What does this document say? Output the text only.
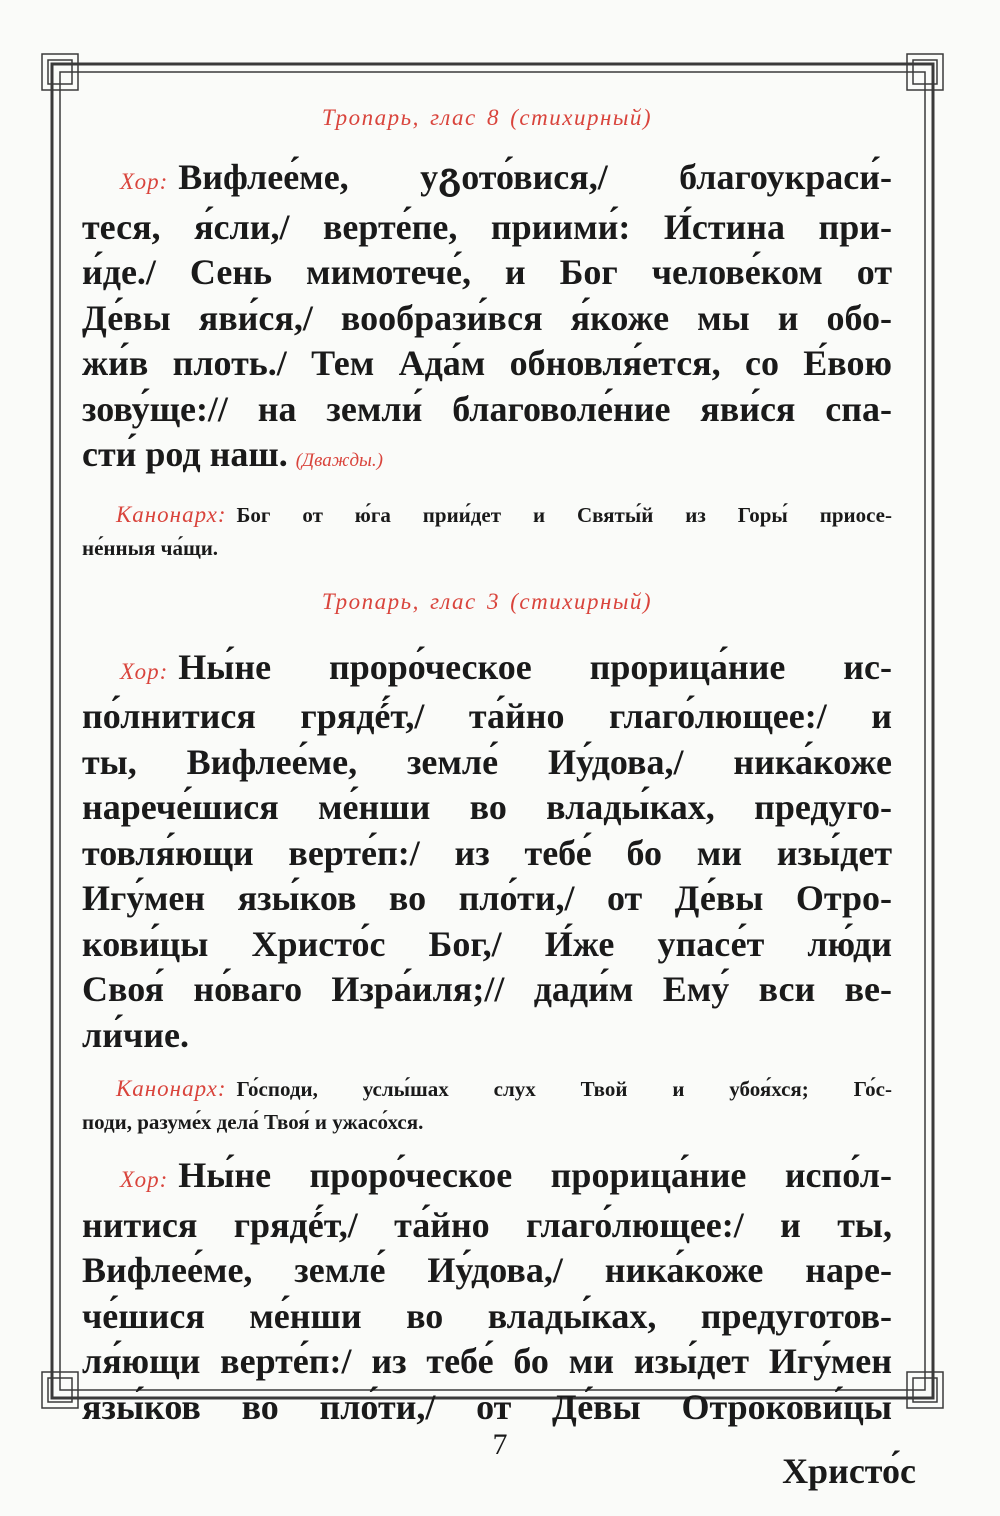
Тропарь, глас 8 (стихирный)
Хор: Вифлее́ме, уგото́вися,/ благоукраси́-
теся, я́сли,/ верте́пе, приими́: И́стина при-
и́де./ Сень мимотече́, и Бог челове́ком от
Де́вы яви́ся,/ вообрази́вся я́коже мы и обо-
жи́в плоть./ Тем Ада́м обновля́ется, со Е́вою
зову́ще:// на земли́ благоволе́ние яви́ся спа-
сти́ род наш. (Дважды.)
Канонарх: Бог от ю́га прии́дет и Святы́й из Горы́ приосе-
не́нныя ча́щи.
Тропарь, глас 3 (стихирный)
Хор: Ны́не проро́ческое прорица́ние ис-
по́лнитися грядé́т,/ та́йно глаго́лющее:/ и
ты, Вифлее́ме, земле́ Иу́дова,/ ника́коже
нарече́шися ме́нши во влады́ках, предуго-
товля́ющи верте́п:/ из тебе́ бо ми изы́дет
Игу́мен язы́ков во пло́ти,/ от Де́вы Отро-
кови́цы Христо́с Бог,/ И́же упасе́т лю́ди
Своя́ но́ваго Изра́иля;// дади́м Ему́ вси ве-
ли́чие.
Канонарх: Го́споди, услы́шах слух Твой и убоя́хся; Го́с-
поди, разуме́х дела́ Твоя́ и ужасо́хся.
Хор: Ны́не проро́ческое прорица́ние испо́л-
нитися грядé́т,/ та́йно глаго́лющее:/ и ты,
Вифлее́ме, земле́ Иу́дова,/ ника́коже наре-
че́шися ме́нши во влады́ках, предуготов-
ля́ющи верте́п:/ из тебе́ бо ми изы́дет Игу́мен
язы́ков во пло́ти,/ от Де́вы Отрокови́цы
7
Христо́с
